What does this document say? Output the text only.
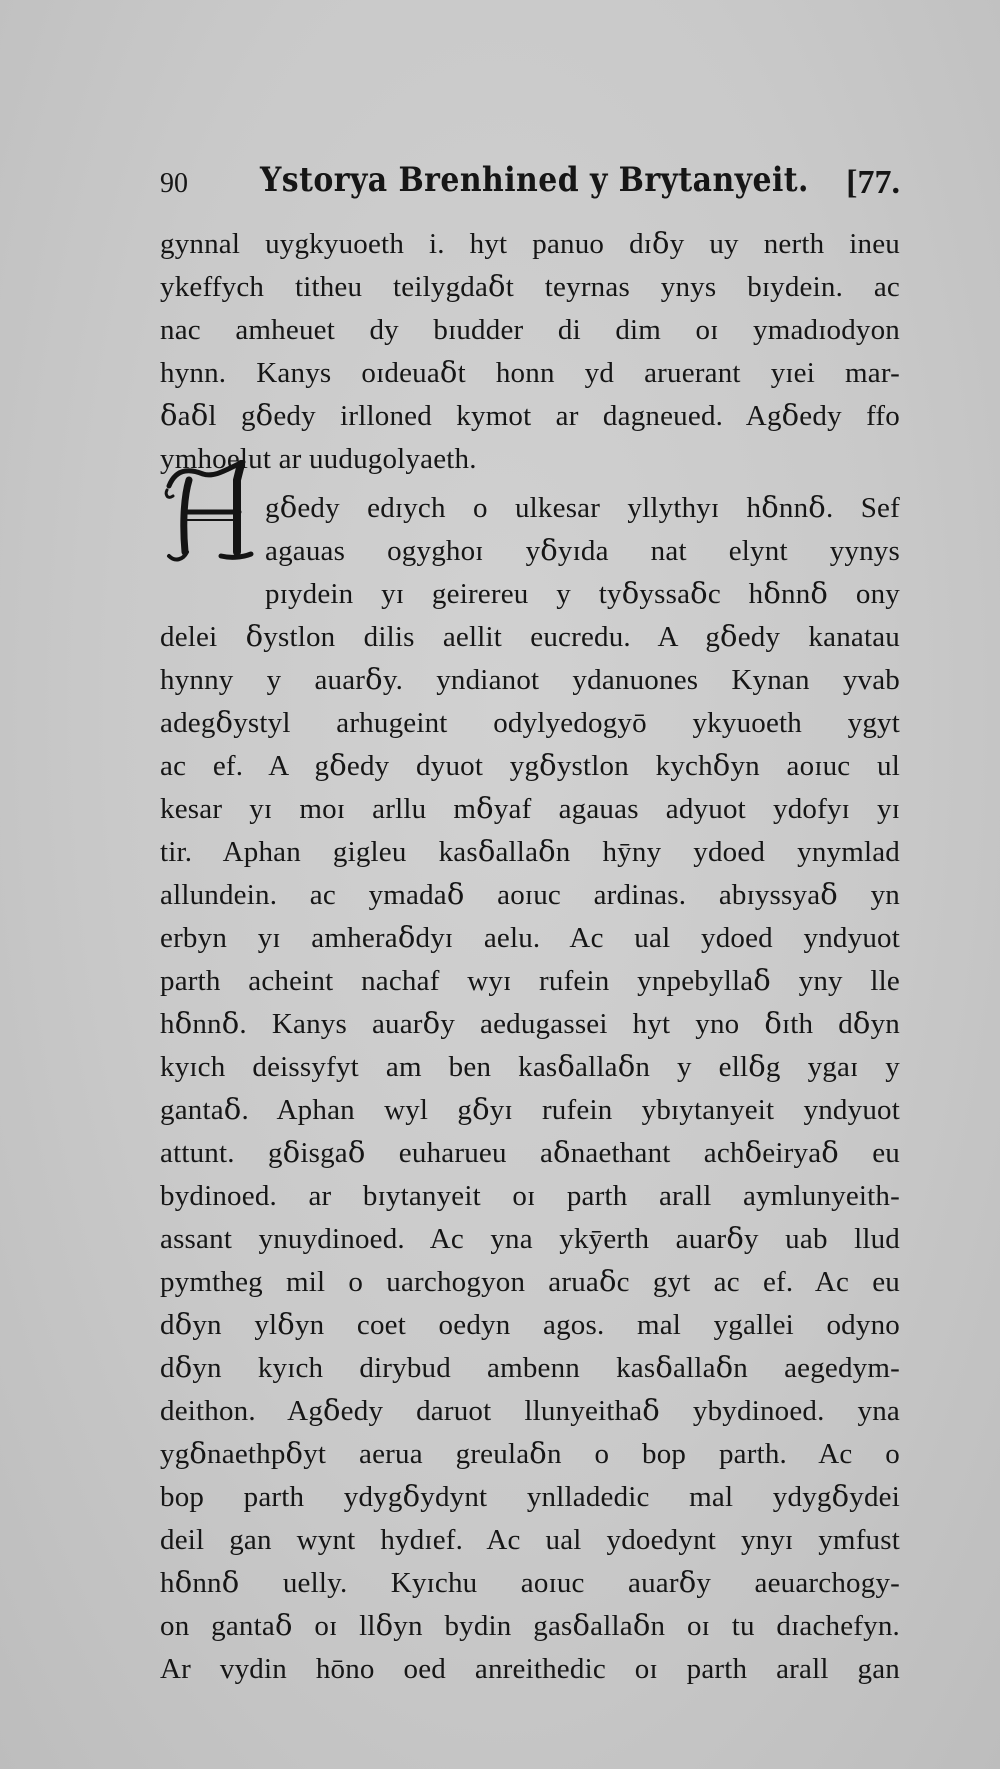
90 Ystorya Brenhined y Brytanyeit. [77.
gynnal uygkyuoeth i. hyt panuo dɪẟy uy nerth ineu
ykeffych titheu teilygdaẟt teyrnas ynys bɪydein. ac
nac amheuet dy bɪudder di dim oɪ ymadɪodyon
hynn. Kanys oɪdeuaẟt honn yd aruerant yɪei mar-
ẟaẟl gẟedy irlloned kymot ar dagneued. Agẟedy ffo
ymhoelut ar uudugolyaeth.
gẟedy edɪych o ulkesar yllythyɪ hẟnnẟ. Sef
agauas ogyghoɪ yẟyɪda nat elynt yynys
pɪydein yɪ geirereu y tyẟyssaẟc hẟnnẟ ony
delei ẟystlon dilis aellit eucredu. A gẟedy kanatau
hynny y auarẟy. yndianot ydanuones Kynan yvab
adegẟystyl arhugeint odylyedogyō ykyuoeth ygyt
ac ef. A gẟedy dyuot ygẟystlon kychẟyn aoɪuc ul
kesar yɪ moɪ arllu mẟyaf agauas adyuot ydofyɪ yɪ
tir. Aphan gigleu kasẟallaẟn hȳny ydoed ynymlad
allundein. ac ymadaẟ aoɪuc ardinas. abɪyssyaẟ yn
erbyn yɪ amheraẟdyɪ aelu. Ac ual ydoed yndyuot
parth acheint nachaf wyɪ rufein ynpebyllaẟ yny lle
hẟnnẟ. Kanys auarẟy aedugassei hyt yno ẟɪth dẟyn
kyɪch deissyfyt am ben kasẟallaẟn y ellẟg ygaɪ y
gantaẟ. Aphan wyl gẟyɪ rufein ybɪytanyeit yndyuot
attunt. gẟisgaẟ euharueu aẟnaethant achẟeiryaẟ eu
bydinoed. ar bɪytanyeit oɪ parth arall aymlunyeith-
assant ynuydinoed. Ac yna ykȳerth auarẟy uab llud
pymtheg mil o uarchogyon aruaẟc gyt ac ef. Ac eu
dẟyn ylẟyn coet oedyn agos. mal ygallei odyno
dẟyn kyɪch dirybud ambenn kasẟallaẟn aegedym-
deithon. Agẟedy daruot llunyeithaẟ ybydinoed. yna
ygẟnaethpẟyt aerua greulaẟn o bop parth. Ac o
bop parth ydygẟydynt ynlladedic mal ydygẟydei
deil gan wynt hydɪef. Ac ual ydoedynt ynyɪ ymfust
hẟnnẟ uelly. Kyɪchu aoɪuc auarẟy aeuarchogy-
on gantaẟ oɪ llẟyn bydin gasẟallaẟn oɪ tu dɪachefyn.
Ar vydin hōno oed anreithedic oɪ parth arall gan
